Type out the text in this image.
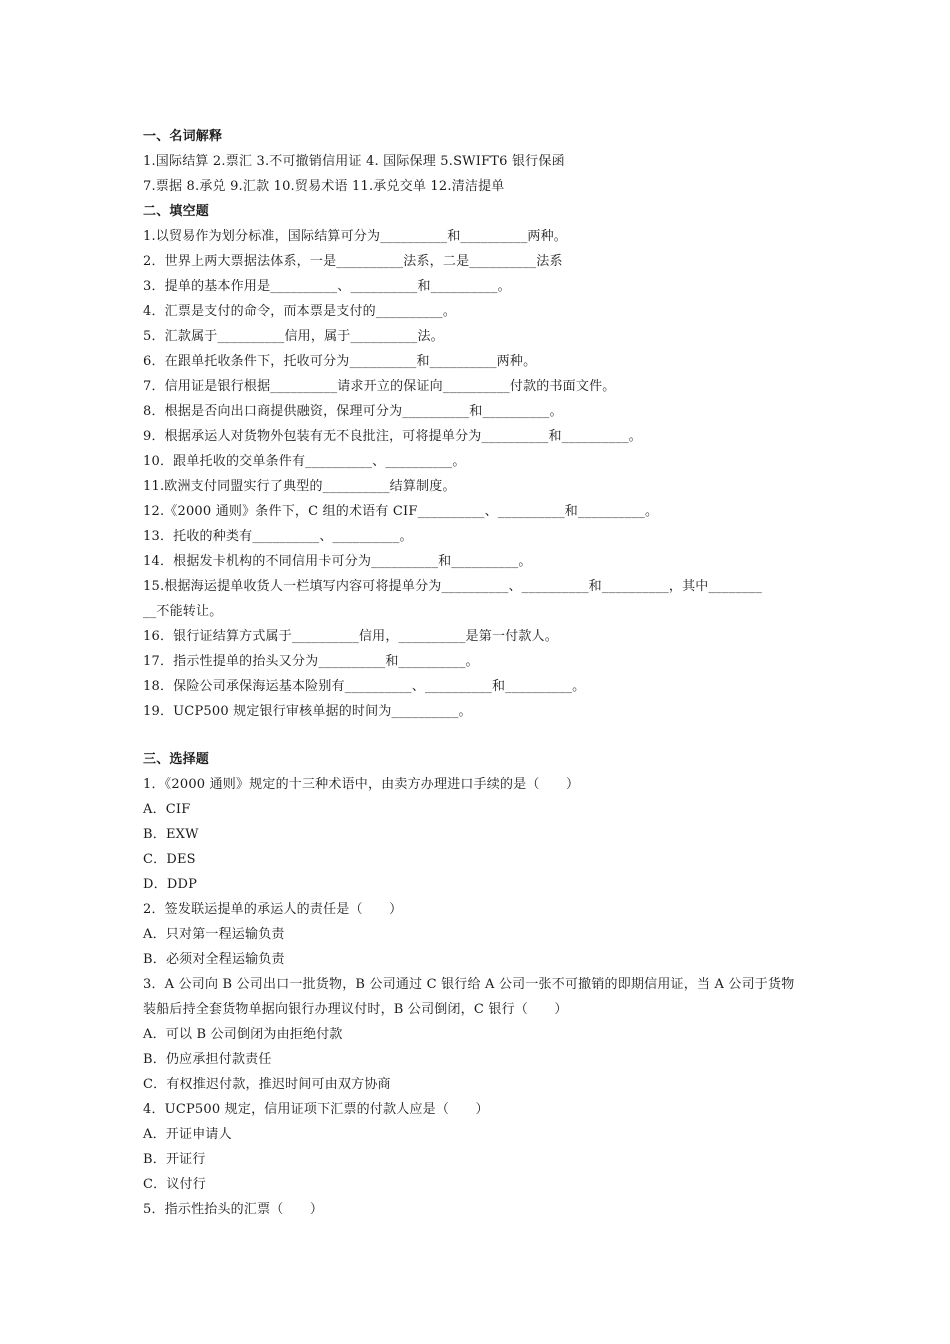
一、名词解释
1.国际结算 2.票汇 3.不可撤销信用证 4. 国际保理 5.SWIFT6 银行保函
7.票据 8.承兑 9.汇款 10.贸易术语 11.承兑交单 12.清洁提单
二、填空题
1.以贸易作为划分标准，国际结算可分为__________和__________两种。
2．世界上两大票据法体系，一是__________法系，二是__________法系
3．提单的基本作用是__________、__________和__________。
4．汇票是支付的命令，而本票是支付的__________。
5．汇款属于__________信用，属于__________法。
6．在跟单托收条件下，托收可分为__________和__________两种。
7．信用证是银行根据__________请求开立的保证向__________付款的书面文件。
8．根据是否向出口商提供融资，保理可分为__________和__________。
9．根据承运人对货物外包装有无不良批注，可将提单分为__________和__________。
10．跟单托收的交单条件有__________、__________。
11.欧洲支付同盟实行了典型的__________结算制度。
12.《2000 通则》条件下，C 组的术语有 CIF__________、__________和__________。
13．托收的种类有__________、__________。
14．根据发卡机构的不同信用卡可分为__________和__________。
15.根据海运提单收货人一栏填写内容可将提单分为__________、__________和__________，其中________
__不能转让。
16．银行证结算方式属于__________信用，__________是第一付款人。
17．指示性提单的抬头又分为__________和__________。
18．保险公司承保海运基本险别有__________、__________和__________。
19．UCP500 规定银行审核单据的时间为__________。
三、选择题
1．《2000 通则》规定的十三种术语中，由卖方办理进口手续的是（　　）
A．CIF
B．EXW
C．DES
D．DDP
2．签发联运提单的承运人的责任是（　　）
A．只对第一程运输负责
B．必须对全程运输负责
3．A 公司向 B 公司出口一批货物，B 公司通过 C 银行给 A 公司一张不可撤销的即期信用证，当 A 公司于货物
装船后持全套货物单据向银行办理议付时，B 公司倒闭，C 银行（　　）
A．可以 B 公司倒闭为由拒绝付款
B．仍应承担付款责任
C．有权推迟付款，推迟时间可由双方协商
4．UCP500 规定，信用证项下汇票的付款人应是（　　）
A．开证申请人
B．开证行
C．议付行
5．指示性抬头的汇票（　　）
